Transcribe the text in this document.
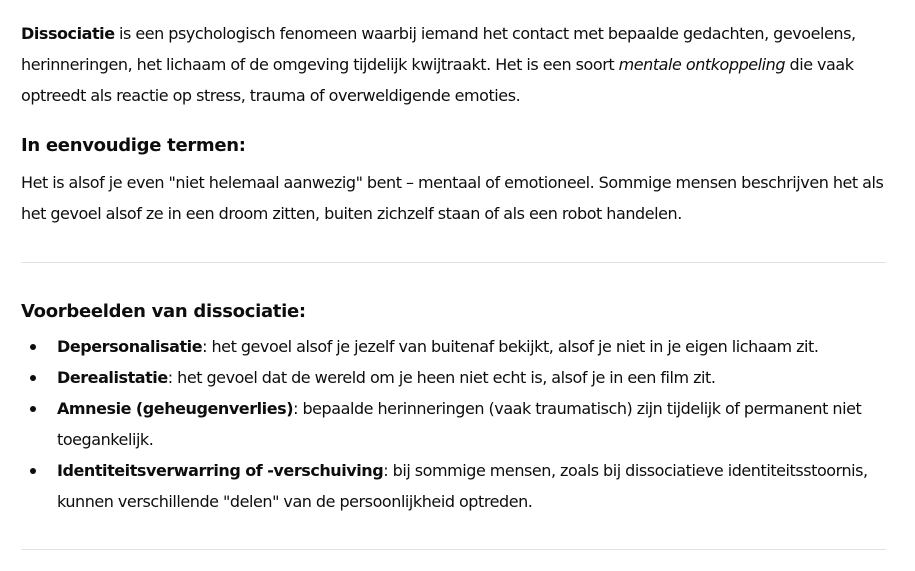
Dissociatie is een psychologisch fenomeen waarbij iemand het contact met bepaalde gedachten, gevoelens, herinneringen, het lichaam of de omgeving tijdelijk kwijtraakt. Het is een soort mentale ontkoppeling die vaak optreedt als reactie op stress, trauma of overweldigende emoties.

In eenvoudige termen:

Het is alsof je even "niet helemaal aanwezig" bent – mentaal of emotioneel. Sommige mensen beschrijven het als het gevoel alsof ze in een droom zitten, buiten zichzelf staan of als een robot handelen.

Voorbeelden van dissociatie:
Depersonalisatie: het gevoel alsof je jezelf van buitenaf bekijkt, alsof je niet in je eigen lichaam zit.
Derealistatie: het gevoel dat de wereld om je heen niet echt is, alsof je in een film zit.
Amnesie (geheugenverlies): bepaalde herinneringen (vaak traumatisch) zijn tijdelijk of permanent niet toegankelijk.
Identiteitsverwarring of -verschuiving: bij sommige mensen, zoals bij dissociatieve identiteitsstoornis, kunnen verschillende "delen" van de persoonlijkheid optreden.
